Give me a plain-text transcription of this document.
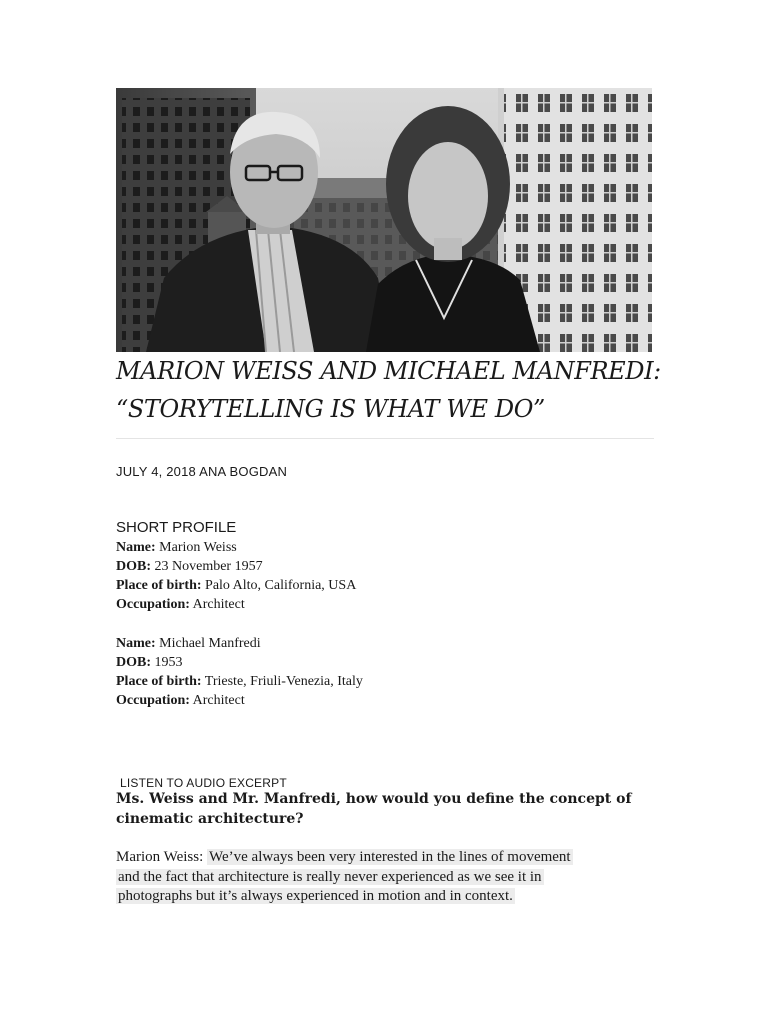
MARION WEISS AND MICHAEL MANFREDI:
“STORYTELLING IS WHAT WE DO”
JULY 4, 2018 ANA BOGDAN
SHORT PROFILE
Name: Marion Weiss
DOB: 23 November 1957
Place of birth: Palo Alto, California, USA
Occupation: Architect
Name: Michael Manfredi
DOB: 1953
Place of birth: Trieste, Friuli-Venezia, Italy
Occupation: Architect
LISTEN TO AUDIO EXCERPT
Ms. Weiss and Mr. Manfredi, how would you define the concept of
cinematic architecture?

Marion Weiss: We’ve always been very interested in the lines of movement
and the fact that architecture is really never experienced as we see it in
photographs but it’s always experienced in motion and in context.
